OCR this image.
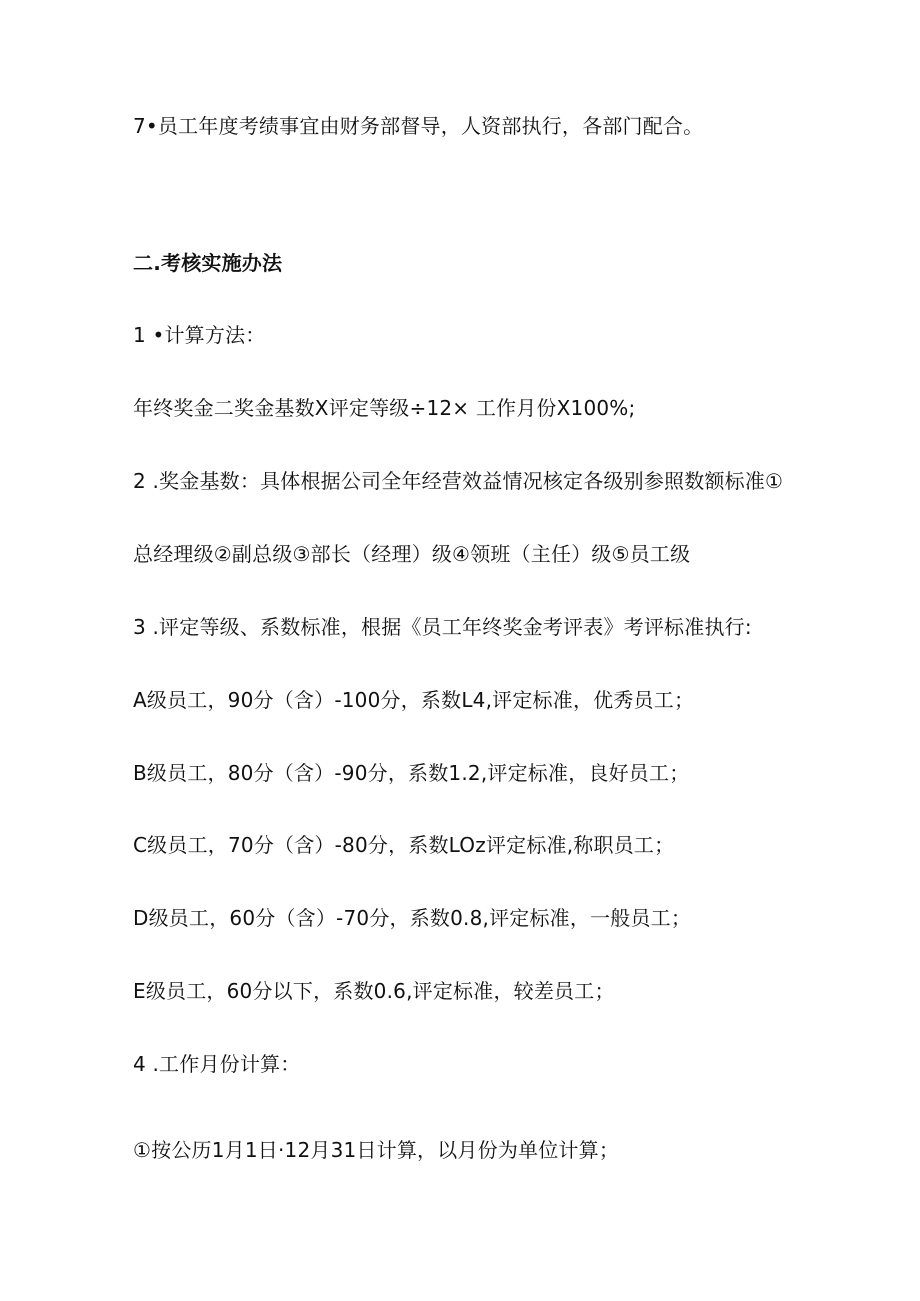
7•员工年度考绩事宜由财务部督导，人资部执行，各部门配合。
二.考核实施办法
1 •计算方法：
年终奖金二奖金基数X评定等级÷12× 工作月份X100%;
2 .奖金基数：具体根据公司全年经营效益情况核定各级别参照数额标准①
总经理级②副总级③部长（经理）级④领班（主任）级⑤员工级
3 .评定等级、系数标准，根据《员工年终奖金考评表》考评标准执行:
A级员工，90分（含）-100分，系数L4,评定标准，优秀员工；
B级员工，80分（含）-90分，系数1.2,评定标准，良好员工；
C级员工，70分（含）-80分，系数LOz评定标准,称职员工；
D级员工，60分（含）-70分，系数0.8,评定标准，一般员工；
E级员工，60分以下，系数0.6,评定标准，较差员工；
4 .工作月份计算：
①按公历1月1日·12月31日计算，以月份为单位计算；
